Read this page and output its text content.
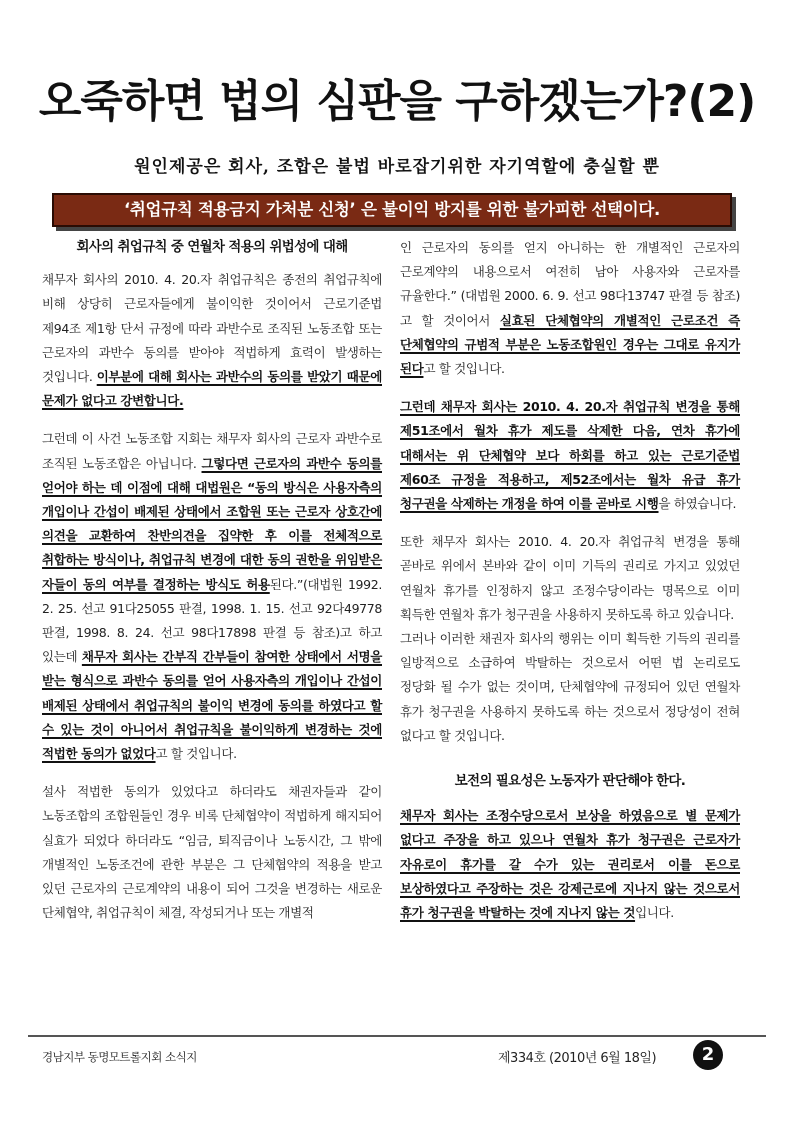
오죽하면 법의 심판을 구하겠는가?(2)
원인제공은 회사, 조합은 불법 바로잡기위한 자기역할에 충실할 뿐
‘취업규칙 적용금지 가처분 신청’ 은 불이익 방지를 위한 불가피한 선택이다.
회사의 취업규칙 중 연월차 적용의 위법성에 대해

채무자 회사의 2010. 4. 20.자 취업규칙은 종전의 취업규칙에 비해 상당히 근로자들에게 불이익한 것이어서 근로기준법 제94조 제1항 단서 규정에 따라 과반수로 조직된 노동조합 또는 근로자의 과반수 동의를 받아야 적법하게 효력이 발생하는 것입니다. 이부분에 대해 회사는 과반수의 동의를 받았기 때문에 문제가 없다고 강변합니다.

그런데 이 사건 노동조합 지회는 채무자 회사의 근로자 과반수로 조직된 노동조합은 아닙니다. 그렇다면 근로자의 과반수 동의를 얻어야 하는 데 이점에 대해 대법원은 “동의 방식은 사용자측의 개입이나 간섭이 배제된 상태에서 조합원 또는 근로자 상호간에 의견을 교환하여 찬반의견을 집약한 후 이를 전체적으로 취합하는 방식이나, 취업규칙 변경에 대한 동의 권한을 위임받은 자들이 동의 여부를 결정하는 방식도 허용된다.”(대법원 1992. 2. 25. 선고 91다25055 판결, 1998. 1. 15. 선고 92다49778 판결, 1998. 8. 24. 선고 98다17898 판결 등 참조)고 하고 있는데 채무자 회사는 간부직 간부들이 참여한 상태에서 서명을 받는 형식으로 과반수 동의를 얻어 사용자측의 개입이나 간섭이 배제된 상태에서 취업규칙의 불이익 변경에 동의를 하였다고 할 수 있는 것이 아니어서 취업규칙을 불이익하게 변경하는 것에 적법한 동의가 없었다고 할 것입니다.

설사 적법한 동의가 있었다고 하더라도 채권자들과 같이 노동조합의 조합원들인 경우 비록 단체협약이 적법하게 해지되어 실효가 되었다 하더라도 “임금, 퇴직금이나 노동시간, 그 밖에 개별적인 노동조건에 관한 부분은 그 단체협약의 적용을 받고 있던 근로자의 근로계약의 내용이 되어 그것을 변경하는 새로운 단체협약, 취업규칙이 체결, 작성되거나 또는 개별적

인 근로자의 동의를 얻지 아니하는 한 개별적인 근로자의 근로계약의 내용으로서 여전히 남아 사용자와 근로자를 규율한다.” (대법원 2000. 6. 9. 선고 98다13747 판결 등 참조)고 할 것이어서 실효된 단체협약의 개별적인 근로조건 즉 단체협약의 규범적 부분은 노동조합원인 경우는 그대로 유지가 된다고 할 것입니다.

그런데 채무자 회사는 2010. 4. 20.자 취업규칙 변경을 통해 제51조에서 월차 휴가 제도를 삭제한 다음, 연차 휴가에 대해서는 위 단체협약 보다 하회를 하고 있는 근로기준법 제60조 규정을 적용하고, 제52조에서는 월차 유급 휴가 청구권을 삭제하는 개정을 하여 이를 곧바로 시행을 하였습니다.

또한 채무자 회사는 2010. 4. 20.자 취업규칙 변경을 통해 곧바로 위에서 본바와 같이 이미 기득의 권리로 가지고 있었던 연월차 휴가를 인정하지 않고 조정수당이라는 명목으로 이미 획득한 연월차 휴가 청구권을 사용하지 못하도록 하고 있습니다.

그러나 이러한 채권자 회사의 행위는 이미 획득한 기득의 권리를 일방적으로 소급하여 박탈하는 것으로서 어떤 법 논리로도 정당화 될 수가 없는 것이며, 단체협약에 규정되어 있던 연월차 휴가 청구권을 사용하지 못하도록 하는 것으로서 정당성이 전혀 없다고 할 것입니다.

보전의 필요성은 노동자가 판단해야 한다.

채무자 회사는 조정수당으로서 보상을 하였음으로 별 문제가 없다고 주장을 하고 있으나 연월차 휴가 청구권은 근로자가 자유로이 휴가를 갈 수가 있는 권리로서 이를 돈으로 보상하였다고 주장하는 것은 강제근로에 지나지 않는 것으로서 휴가 청구권을 박탈하는 것에 지나지 않는 것입니다.

경남지부 동명모트롤지회 소식지	제334호 (2010년 6월 18일)	2
